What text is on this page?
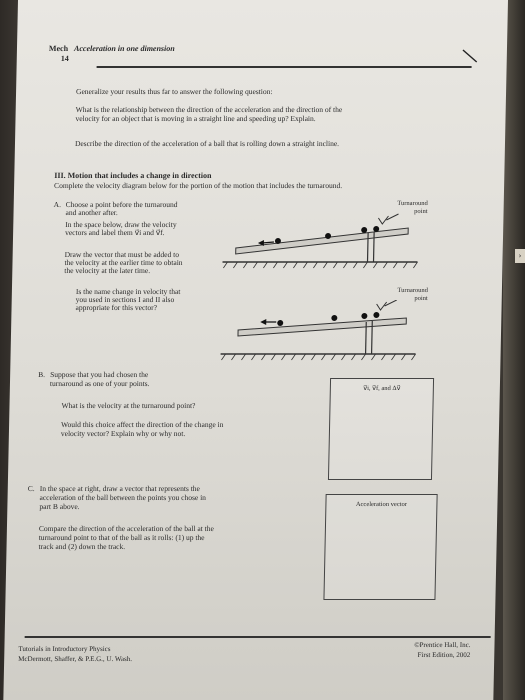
›
Mech Acceleration in one dimension
14
Generalize your results thus far to answer the following question:
What is the relationship between the direction of the acceleration and the direction of the
velocity for an object that is moving in a straight line and speeding up? Explain.
Describe the direction of the acceleration of a ball that is rolling down a straight incline.
III. Motion that includes a change in direction
Complete the velocity diagram below for the portion of the motion that includes the turnaround.
A. Choose a point before the turnaround
and another after.
In the space below, draw the velocity
vectors and label them v⃗i and v⃗f.
Draw the vector that must be added to
the velocity at the earlier time to obtain
the velocity at the later time.
Is the name change in velocity that
you used in sections I and II also
appropriate for this vector?
Turnaround
point
Turnaround
point
B. Suppose that you had chosen the
turnaround as one of your points.
What is the velocity at the turnaround point?
Would this choice affect the direction of the change in
velocity vector? Explain why or why not.
v⃗i, v⃗f, and Δv⃗
C. In the space at right, draw a vector that represents the
acceleration of the ball between the points you chose in
part B above.
Compare the direction of the acceleration of the ball at the
turnaround point to that of the ball as it rolls: (1) up the
track and (2) down the track.
Acceleration vector
Tutorials in Introductory Physics
McDermott, Shaffer, & P.E.G., U. Wash.
©Prentice Hall, Inc.
First Edition, 2002
